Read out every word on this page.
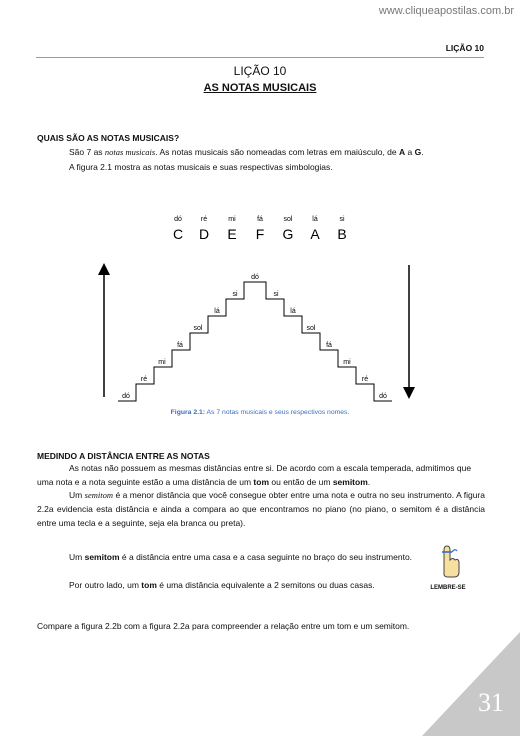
www.cliqueapostilas.com.br
LIÇÃO 10
LIÇÃO 10
AS NOTAS MUSICAIS
QUAIS SÃO AS NOTAS MUSICAIS?
São 7 as notas musicais. As notas musicais são nomeadas com letras em maiúsculo, de A a G.
A figura 2.1 mostra as notas musicais e suas respectivas simbologias.
dó	ré	mi	fá	sol	lá	si
C D E F G A B
dó
ré
mi
fá
sol
lá
si
dó
si
lá
sol
fá
mi
ré
dó
Figura 2.1: As 7 notas musicais e seus respectivos nomes.
MEDINDO A DISTÂNCIA ENTRE AS NOTAS
As notas não possuem as mesmas distâncias entre si. De acordo com a escala temperada, admitimos que uma nota e a nota seguinte estão a uma distância de um tom ou então de um semitom.
Um semitom é a menor distância que você consegue obter entre uma nota e outra no seu instrumento. A figura 2.2a evidencia esta distância e ainda a compara ao que encontramos no piano (no piano, o semitom é a distância entre uma tecla e a seguinte, seja ela branca ou preta).
Um semitom é a distância entre uma casa e a casa seguinte no braço do seu instrumento.
Por outro lado, um tom é uma distância equivalente a 2 semitons ou duas casas.	LEMBRE-SE
Compare a figura 2.2b com a figura 2.2a para compreender a relação entre um tom e um semitom.
31
